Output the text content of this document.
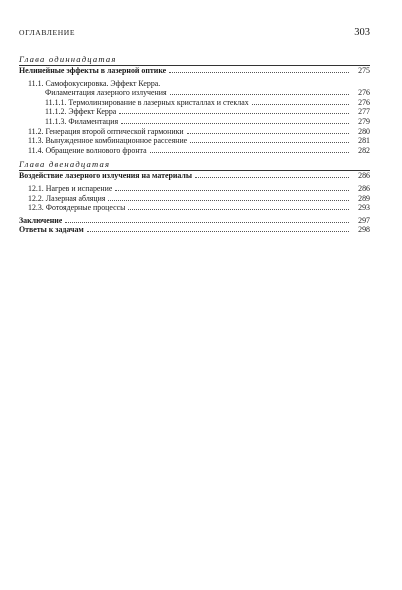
ОГЛАВЛЕНИЕ	303
Глава одиннадцатая
Нелинейные эффекты в лазерной оптике	275
11.1. Самофокусировка. Эффект Керра.
Филаментация лазерного излучения	276
11.1.1. Термолинзирование в лазерных кристаллах и стеклах	276
11.1.2. Эффект Керра	277
11.1.3. Филаментация	279
11.2. Генерация второй оптической гармоники	280
11.3. Вынужденное комбинационное рассеяние	281
11.4. Обращение волнового фронта	282
Глава двенадцатая
Воздействие лазерного излучения на материалы	286
12.1. Нагрев и испарение	286
12.2. Лазерная абляция	289
12.3. Фотоядерные процессы	293
Заключение	297
Ответы к задачам	298
